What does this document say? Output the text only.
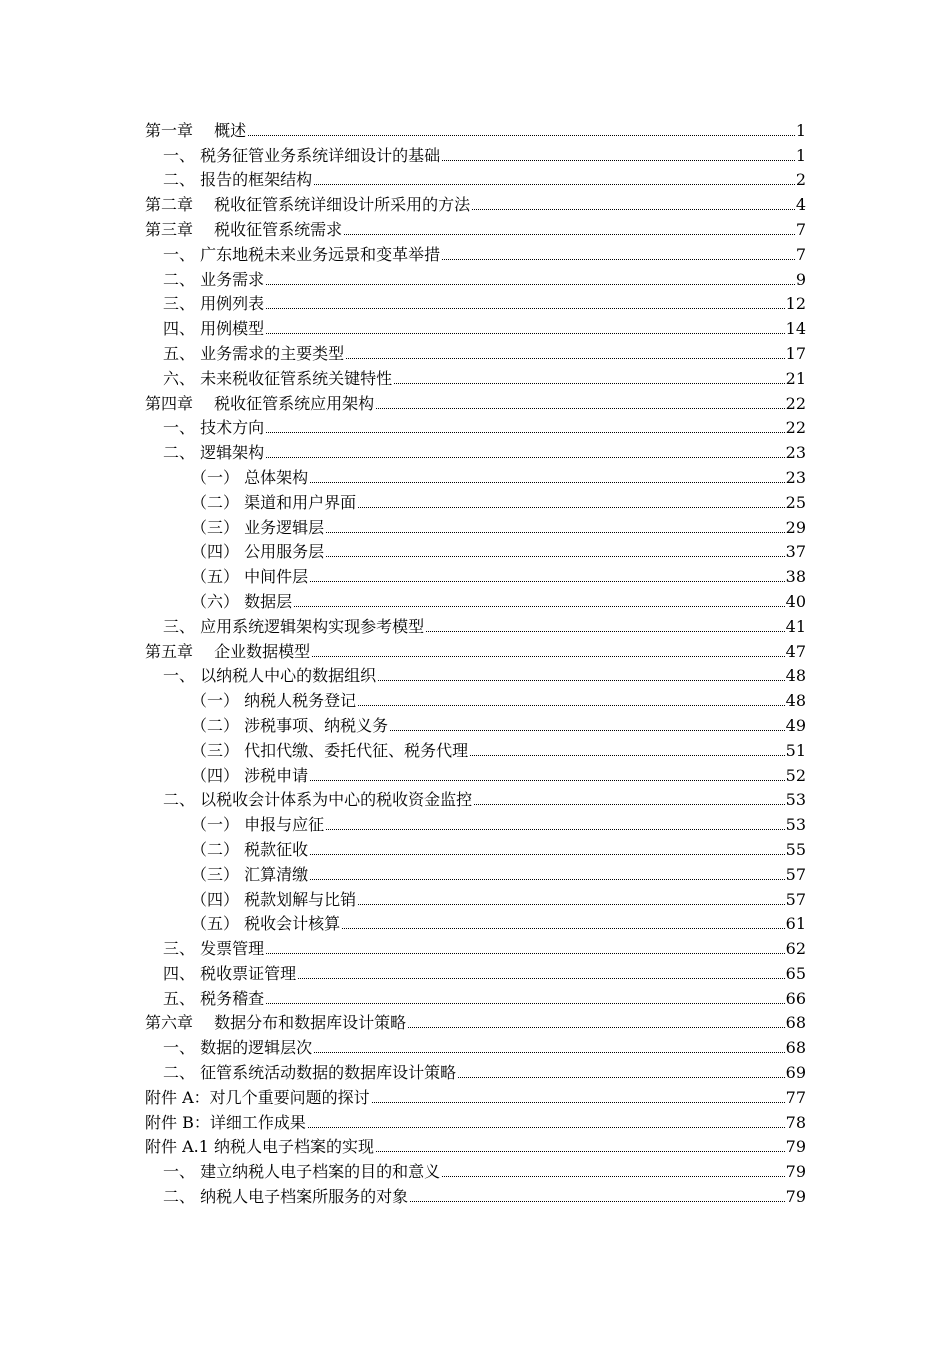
第一章　 概述	1
一、 税务征管业务系统详细设计的基础	1
二、 报告的框架结构	2
第二章　 税收征管系统详细设计所采用的方法	4
第三章　 税收征管系统需求	7
一、 广东地税未来业务远景和变革举措	7
二、 业务需求	9
三、 用例列表	12
四、 用例模型	14
五、 业务需求的主要类型	17
六、 未来税收征管系统关键特性	21
第四章　 税收征管系统应用架构	22
一、 技术方向	22
二、 逻辑架构	23
（一） 总体架构	23
（二） 渠道和用户界面	25
（三） 业务逻辑层	29
（四） 公用服务层	37
（五） 中间件层	38
（六） 数据层	40
三、 应用系统逻辑架构实现参考模型	41
第五章　 企业数据模型	47
一、 以纳税人中心的数据组织	48
（一） 纳税人税务登记	48
（二） 涉税事项、纳税义务	49
（三） 代扣代缴、委托代征、税务代理	51
（四） 涉税申请	52
二、 以税收会计体系为中心的税收资金监控	53
（一） 申报与应征	53
（二） 税款征收	55
（三） 汇算清缴	57
（四） 税款划解与比销	57
（五） 税收会计核算	61
三、 发票管理	62
四、 税收票证管理	65
五、 税务稽查	66
第六章　 数据分布和数据库设计策略	68
一、 数据的逻辑层次	68
二、 征管系统活动数据的数据库设计策略	69
附件 A：对几个重要问题的探讨	77
附件 B：详细工作成果	78
附件 A.1 纳税人电子档案的实现	79
一、 建立纳税人电子档案的目的和意义	79
二、 纳税人电子档案所服务的对象	79
